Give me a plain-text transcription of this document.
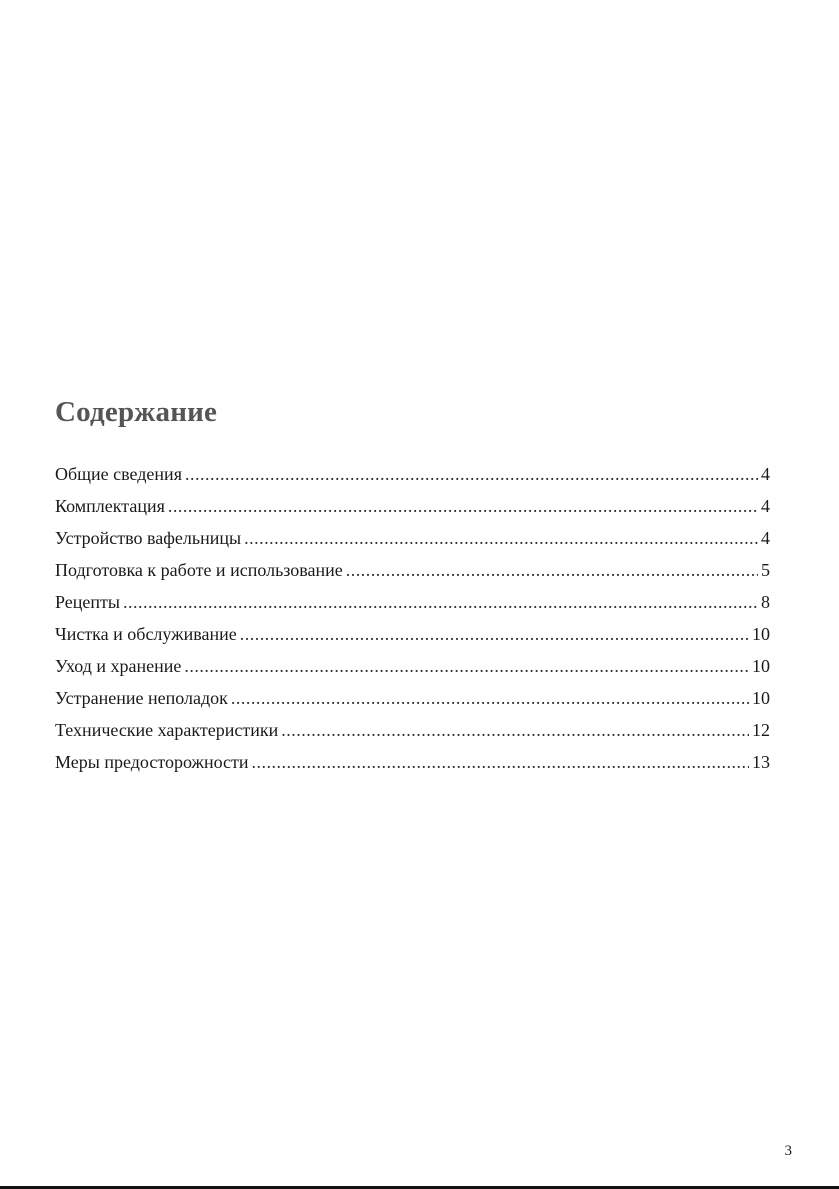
Содержание
Общие сведения .....	4
Комплектация .....	4
Устройство вафельницы .....	4
Подготовка к работе и использование .....	5
Рецепты .....	8
Чистка и обслуживание .....	10
Уход и хранение .....	10
Устранение неполадок .....	10
Технические характеристики .....	12
Меры предосторожности .....	13
3
